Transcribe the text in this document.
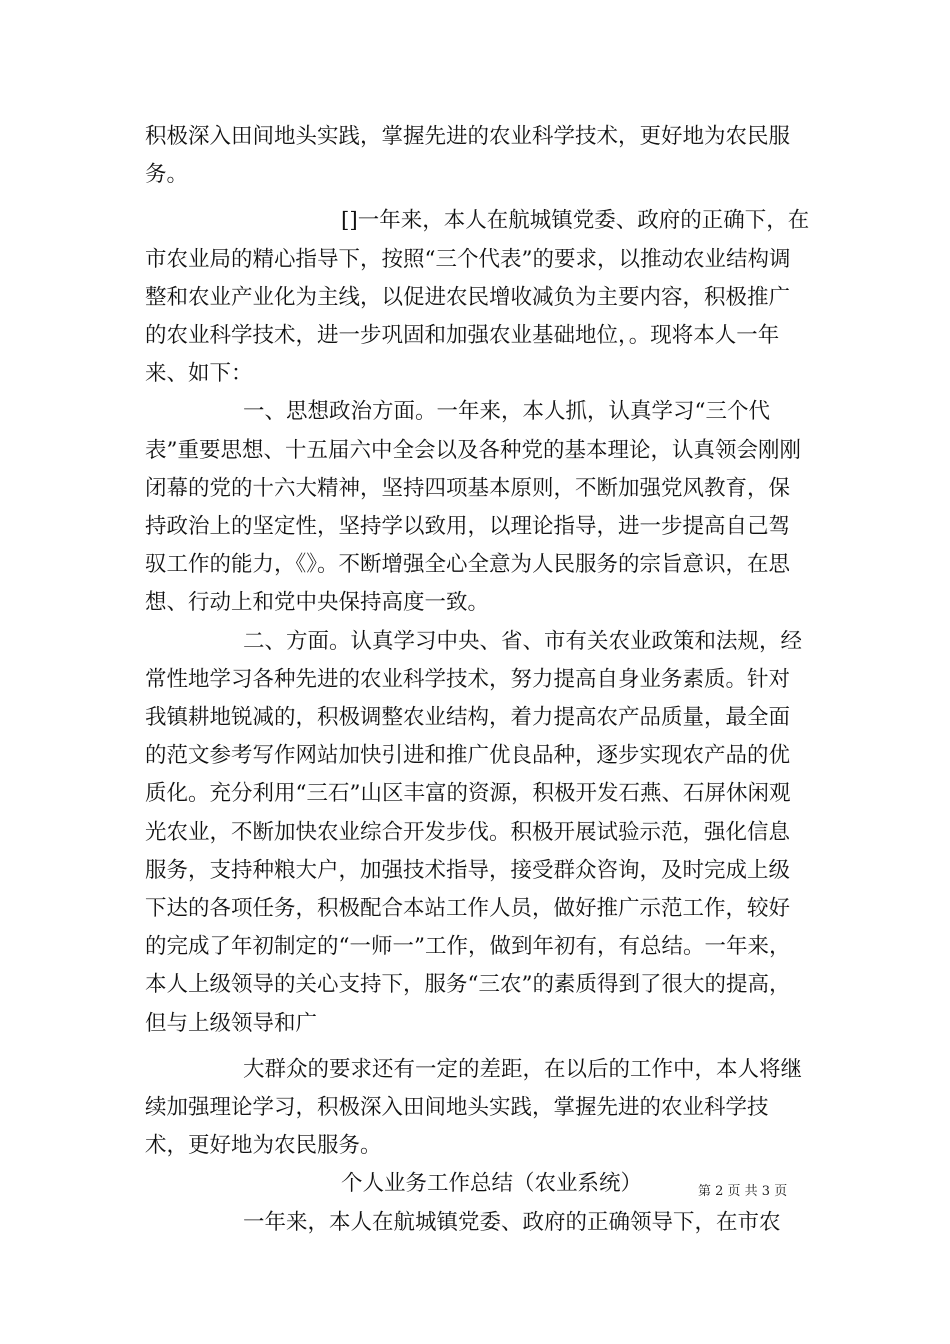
积极深入田间地头实践，掌握先进的农业科学技术，更好地为农民服务。

[]一年来，本人在航城镇党委、政府的正确下，在市农业局的精心指导下，按照“三个代表”的要求，以推动农业结构调整和农业产业化为主线，以促进农民增收减负为主要内容，积极推广的农业科学技术，进一步巩固和加强农业基础地位，。现将本人一年来、如下：

一、思想政治方面。一年来，本人抓，认真学习“三个代表”重要思想、十五届六中全会以及各种党的基本理论，认真领会刚刚闭幕的党的十六大精神，坚持四项基本原则，不断加强党风教育，保持政治上的坚定性，坚持学以致用，以理论指导，进一步提高自己驾驭工作的能力，《》。不断增强全心全意为人民服务的宗旨意识，在思想、行动上和党中央保持高度一致。

二、方面。认真学习中央、省、市有关农业政策和法规，经常性地学习各种先进的农业科学技术，努力提高自身业务素质。针对我镇耕地锐减的，积极调整农业结构，着力提高农产品质量，最全面的范文参考写作网站加快引进和推广优良品种，逐步实现农产品的优质化。充分利用“三石”山区丰富的资源，积极开发石燕、石屏休闲观光农业，不断加快农业综合开发步伐。积极开展试验示范，强化信息服务，支持种粮大户，加强技术指导，接受群众咨询，及时完成上级下达的各项任务，积极配合本站工作人员，做好推广示范工作，较好的完成了年初制定的“一师一”工作，做到年初有，有总结。一年来，本人上级领导的关心支持下，服务“三农”的素质得到了很大的提高，但与上级领导和广

大群众的要求还有一定的差距，在以后的工作中，本人将继续加强理论学习，积极深入田间地头实践，掌握先进的农业科学技术，更好地为农民服务。

个人业务工作总结（农业系统）

一年来，本人在航城镇党委、政府的正确领导下，在市农

第 2 页 共 3 页
